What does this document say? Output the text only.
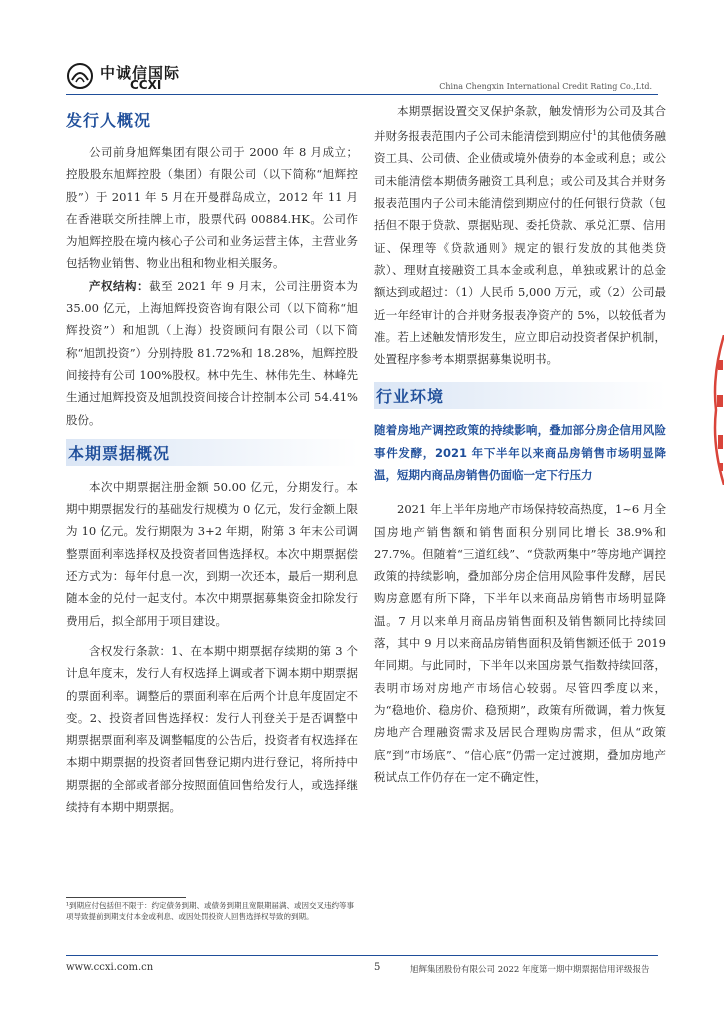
中诚信国际
CCXI	China Chengxin International Credit Rating Co.,Ltd.
发行人概况

公司前身旭辉集团有限公司于 2000 年 8 月成立；控股股东旭辉控股（集团）有限公司（以下简称“旭辉控股”）于 2011 年 5 月在开曼群岛成立，2012 年 11 月在香港联交所挂牌上市，股票代码 00884.HK。公司作为旭辉控股在境内核心子公司和业务运营主体，主营业务包括物业销售、物业出租和物业相关服务。

产权结构：截至 2021 年 9 月末，公司注册资本为 35.00 亿元，上海旭辉投资咨询有限公司（以下简称“旭辉投资”）和旭凯（上海）投资顾问有限公司（以下简称“旭凯投资”）分别持股 81.72%和 18.28%，旭辉控股间接持有公司 100%股权。林中先生、林伟先生、林峰先生通过旭辉投资及旭凯投资间接合计控制本公司 54.41%股份。

本期票据概况

本次中期票据注册金额 50.00 亿元，分期发行。本期中期票据发行的基础发行规模为 0 亿元，发行金额上限为 10 亿元。发行期限为 3+2 年期，附第 3 年末公司调整票面利率选择权及投资者回售选择权。本次中期票据偿还方式为：每年付息一次，到期一次还本，最后一期利息随本金的兑付一起支付。本次中期票据募集资金扣除发行费用后，拟全部用于项目建设。

含权发行条款：1、在本期中期票据存续期的第 3 个计息年度末，发行人有权选择上调或者下调本期中期票据的票面利率。调整后的票面利率在后两个计息年度固定不变。2、投资者回售选择权：发行人刊登关于是否调整中期票据票面利率及调整幅度的公告后，投资者有权选择在本期中期票据的投资者回售登记期内进行登记，将所持中期票据的全部或者部分按照面值回售给发行人，或选择继续持有本期中期票据。

本期票据设置交叉保护条款，触发情形为公司及其合并财务报表范围内子公司未能清偿到期应付$^1$的其他债务融资工具、公司债、企业债或境外债券的本金或利息；或公司未能清偿本期债务融资工具利息；或公司及其合并财务报表范围内子公司未能清偿到期应付的任何银行贷款（包括但不限于贷款、票据贴现、委托贷款、承兑汇票、信用证、保理等《贷款通则》规定的银行发放的其他类贷款）、理财直接融资工具本金或利息，单独或累计的总金额达到或超过：（1）人民币 5,000 万元，或（2）公司最近一年经审计的合并财务报表净资产的 5%，以较低者为准。若上述触发情形发生，应立即启动投资者保护机制，处置程序参考本期票据募集说明书。

行业环境

随着房地产调控政策的持续影响，叠加部分房企信用风险事件发酵，2021 年下半年以来商品房销售市场明显降温，短期内商品房销售仍面临一定下行压力

2021 年上半年房地产市场保持较高热度，1~6 月全国房地产销售额和销售面积分别同比增长 38.9%和 27.7%。但随着“三道红线”、“贷款两集中”等房地产调控政策的持续影响，叠加部分房企信用风险事件发酵，居民购房意愿有所下降，下半年以来商品房销售市场明显降温。7 月以来单月商品房销售面积及销售额同比持续回落，其中 9 月以来商品房销售面积及销售额还低于 2019 年同期。与此同时，下半年以来国房景气指数持续回落，表明市场对房地产市场信心较弱。尽管四季度以来，为“稳地价、稳房价、稳预期”，政策有所微调，着力恢复房地产合理融资需求及居民合理购房需求，但从“政策底”到“市场底”、“信心底”仍需一定过渡期，叠加房地产税试点工作仍存在一定不确定性，

¹到期应付包括但不限于：约定债务到期、或债务到期且宽限期届满、或因交叉违约等事项导致提前到期支付本金或利息、或因处罚投资人回售选择权导致的到期。
www.ccxi.com.cn	5	旭辉集团股份有限公司 2022 年度第一期中期票据信用评级报告
